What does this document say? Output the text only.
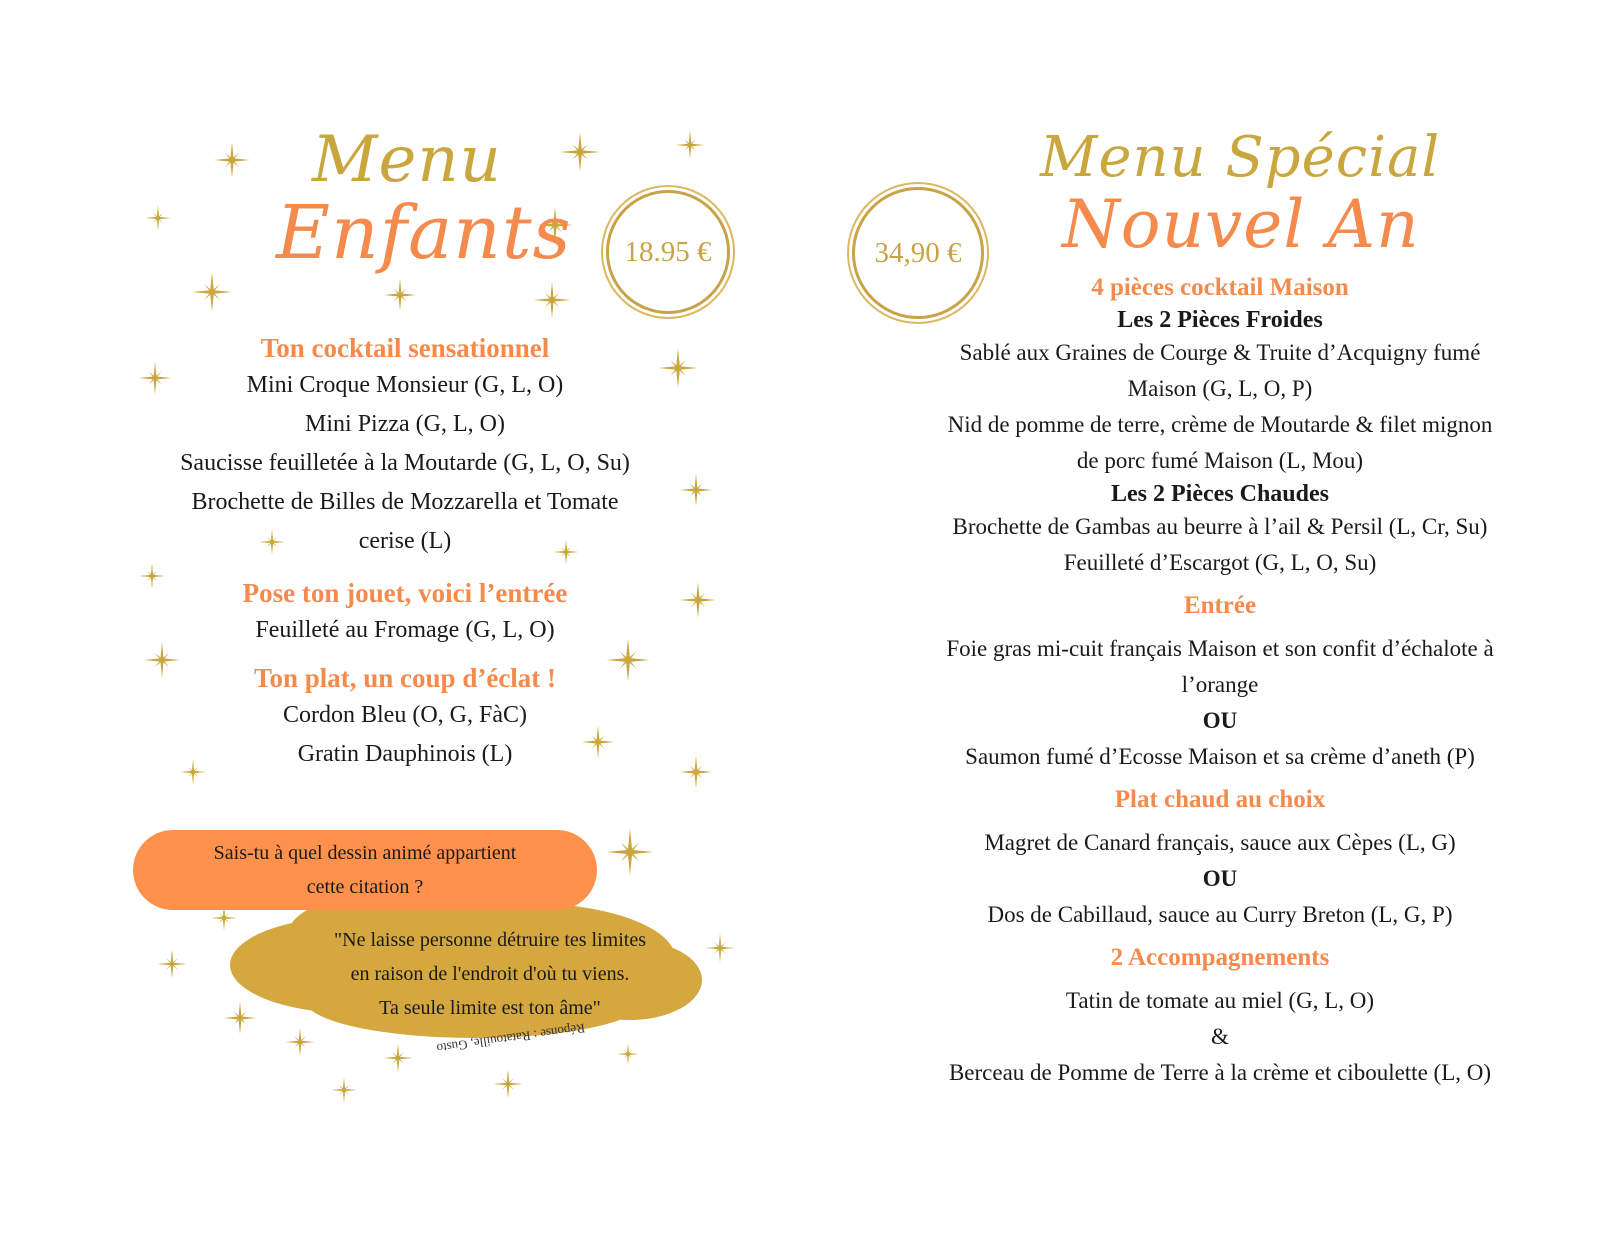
Menu
Enfants 18.95 €

Ton cocktail sensationnel

Mini Croque Monsieur (G, L, O)

Mini Pizza (G, L, O)

Saucisse feuilletée à la Moutarde (G, L, O, Su)

Brochette de Billes de Mozzarella et Tomate

cerise (L)

Pose ton jouet, voici l’entrée

Feuilleté au Fromage (G, L, O)

Ton plat, un coup d’éclat !

Cordon Bleu (O, G, FàC)

Gratin Dauphinois (L)

Sais-tu à quel dessin animé appartient
cette citation ?
"Ne laisse personne détruire tes limites
en raison de l'endroit d'où tu viens.
Ta seule limite est ton âme"
Réponse : Ratatouille, Gusto
Menu Spécial
Nouvel An
34,90 €

4 pièces cocktail Maison

Les 2 Pièces Froides

Sablé aux Graines de Courge & Truite d’Acquigny fumé

Maison (G, L, O, P)

Nid de pomme de terre, crème de Moutarde & filet mignon

de porc fumé Maison (L, Mou)

Les 2 Pièces Chaudes

Brochette de Gambas au beurre à l’ail & Persil (L, Cr, Su)

Feuilleté d’Escargot (G, L, O, Su)

Entrée

Foie gras mi-cuit français Maison et son confit d’échalote à

l’orange

OU

Saumon fumé d’Ecosse Maison et sa crème d’aneth (P)

Plat chaud au choix

Magret de Canard français, sauce aux Cèpes (L, G)

OU

Dos de Cabillaud, sauce au Curry Breton (L, G, P)

2 Accompagnements

Tatin de tomate au miel (G, L, O)

&

Berceau de Pomme de Terre à la crème et ciboulette (L, O)
